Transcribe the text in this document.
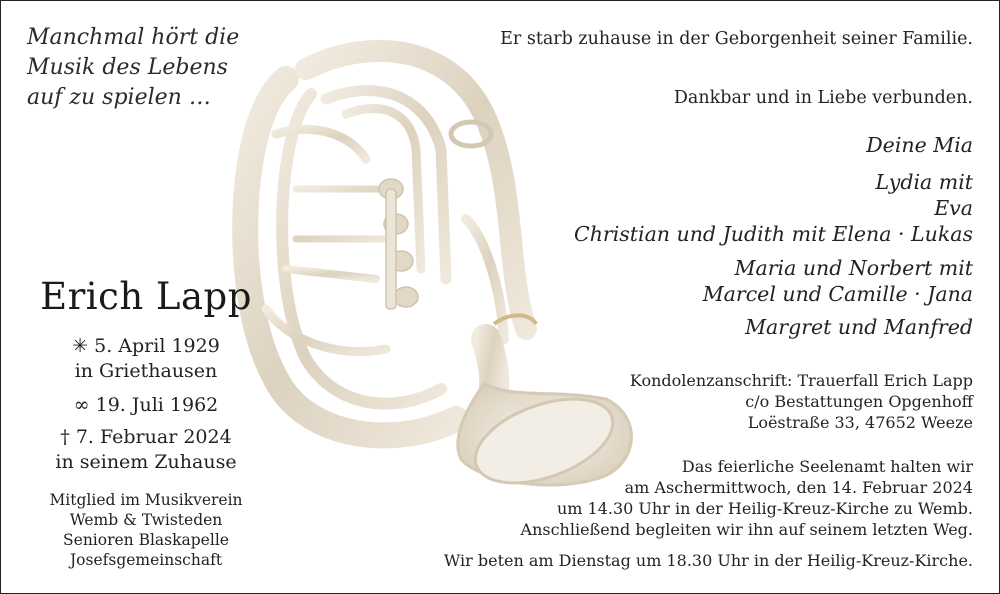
Manchmal hört die
Musik des Lebens
auf zu spielen …
Erich Lapp
✳ 5. April 1929
in Griethausen
∞ 19. Juli 1962
† 7. Februar 2024
in seinem Zuhause
Mitglied im Musikverein
Wemb & Twisteden
Senioren Blaskapelle
Josefsgemeinschaft
Er starb zuhause in der Geborgenheit seiner Familie.
Dankbar und in Liebe verbunden.
Deine Mia
Lydia mit
Eva
Christian und Judith mit Elena · Lukas
Maria und Norbert mit
Marcel und Camille · Jana
Margret und Manfred
Kondolenzanschrift: Trauerfall Erich Lapp
c/o Bestattungen Opgenhoff
Loëstraße 33, 47652 Weeze
Das feierliche Seelenamt halten wir
am Aschermittwoch, den 14. Februar 2024
um 14.30 Uhr in der Heilig-Kreuz-Kirche zu Wemb.
Anschließend begleiten wir ihn auf seinem letzten Weg.
Wir beten am Dienstag um 18.30 Uhr in der Heilig-Kreuz-Kirche.
